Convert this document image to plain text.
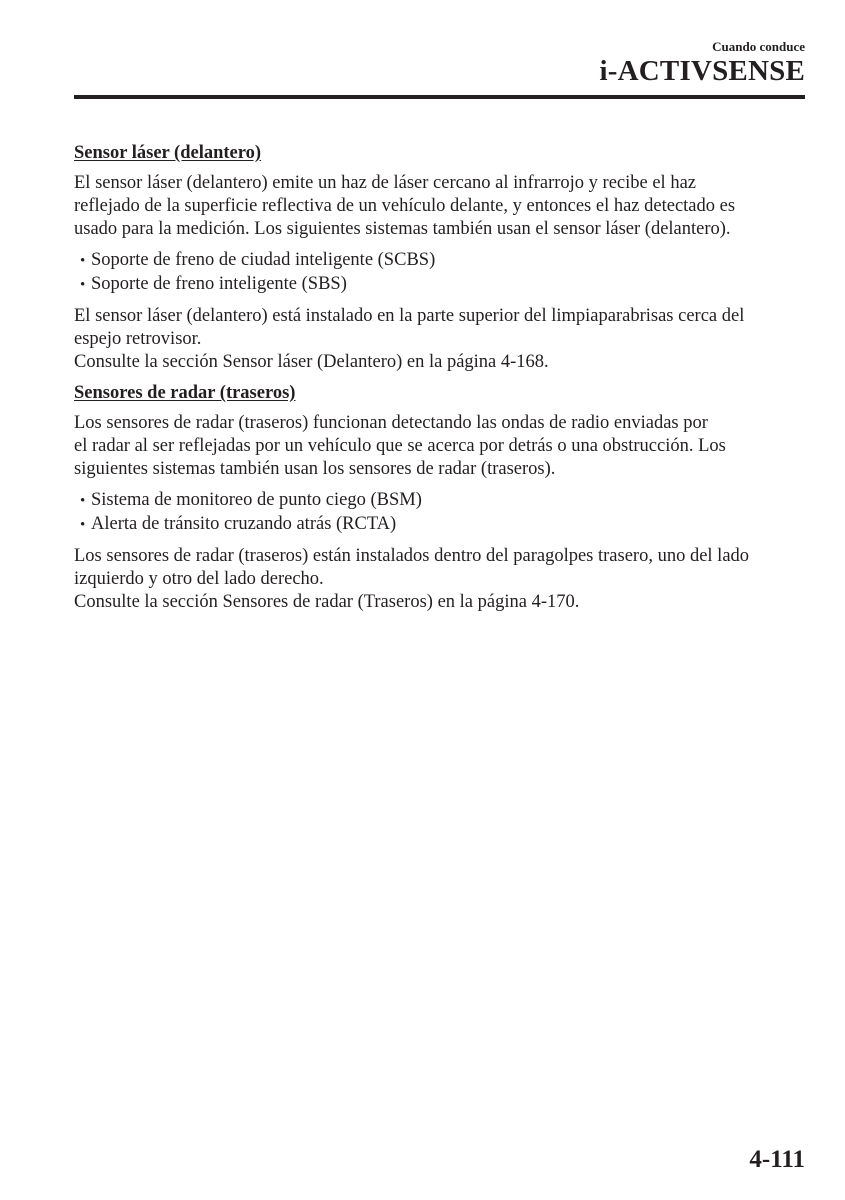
Cuando conduce
i-ACTIVSENSE
Sensor láser (delantero)
El sensor láser (delantero) emite un haz de láser cercano al infrarrojo y recibe el haz
reflejado de la superficie reflectiva de un vehículo delante, y entonces el haz detectado es
usado para la medición. Los siguientes sistemas también usan el sensor láser (delantero).
• Soporte de freno de ciudad inteligente (SCBS)
• Soporte de freno inteligente (SBS)
El sensor láser (delantero) está instalado en la parte superior del limpiaparabrisas cerca del
espejo retrovisor.
Consulte la sección Sensor láser (Delantero) en la página 4-168.
Sensores de radar (traseros)
Los sensores de radar (traseros) funcionan detectando las ondas de radio enviadas por
el radar al ser reflejadas por un vehículo que se acerca por detrás o una obstrucción. Los
siguientes sistemas también usan los sensores de radar (traseros).
• Sistema de monitoreo de punto ciego (BSM)
• Alerta de tránsito cruzando atrás (RCTA)
Los sensores de radar (traseros) están instalados dentro del paragolpes trasero, uno del lado
izquierdo y otro del lado derecho.
Consulte la sección Sensores de radar (Traseros) en la página 4-170.
4-111
